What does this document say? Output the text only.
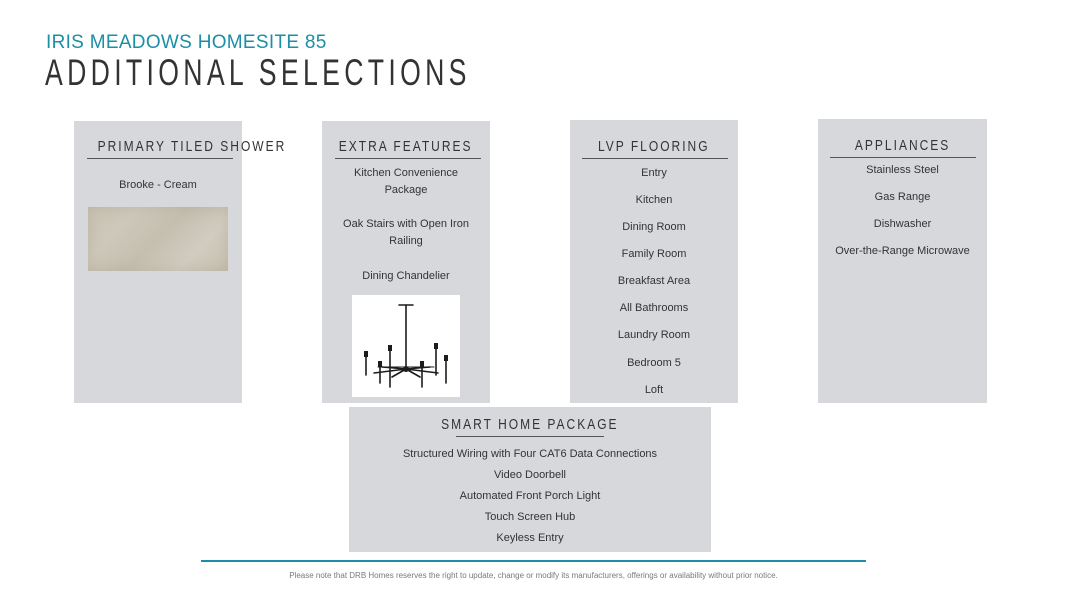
IRIS MEADOWS HOMESITE 85
ADDITIONAL SELECTIONS
PRIMARY TILED SHOWER
Brooke - Cream
EXTRA FEATURES
Kitchen Convenience
Package
Oak Stairs with Open Iron
Railing
Dining Chandelier
LVP FLOORING
Entry
Kitchen
Dining Room
Family Room
Breakfast Area
All Bathrooms
Laundry Room
Bedroom 5
Loft
APPLIANCES
Stainless Steel
Gas Range
Dishwasher
Over-the-Range Microwave
SMART HOME PACKAGE
Structured Wiring with Four CAT6 Data Connections
Video Doorbell
Automated Front Porch Light
Touch Screen Hub
Keyless Entry
Please note that DRB Homes reserves the right to update, change or modify its manufacturers, offerings or availability without prior notice.
